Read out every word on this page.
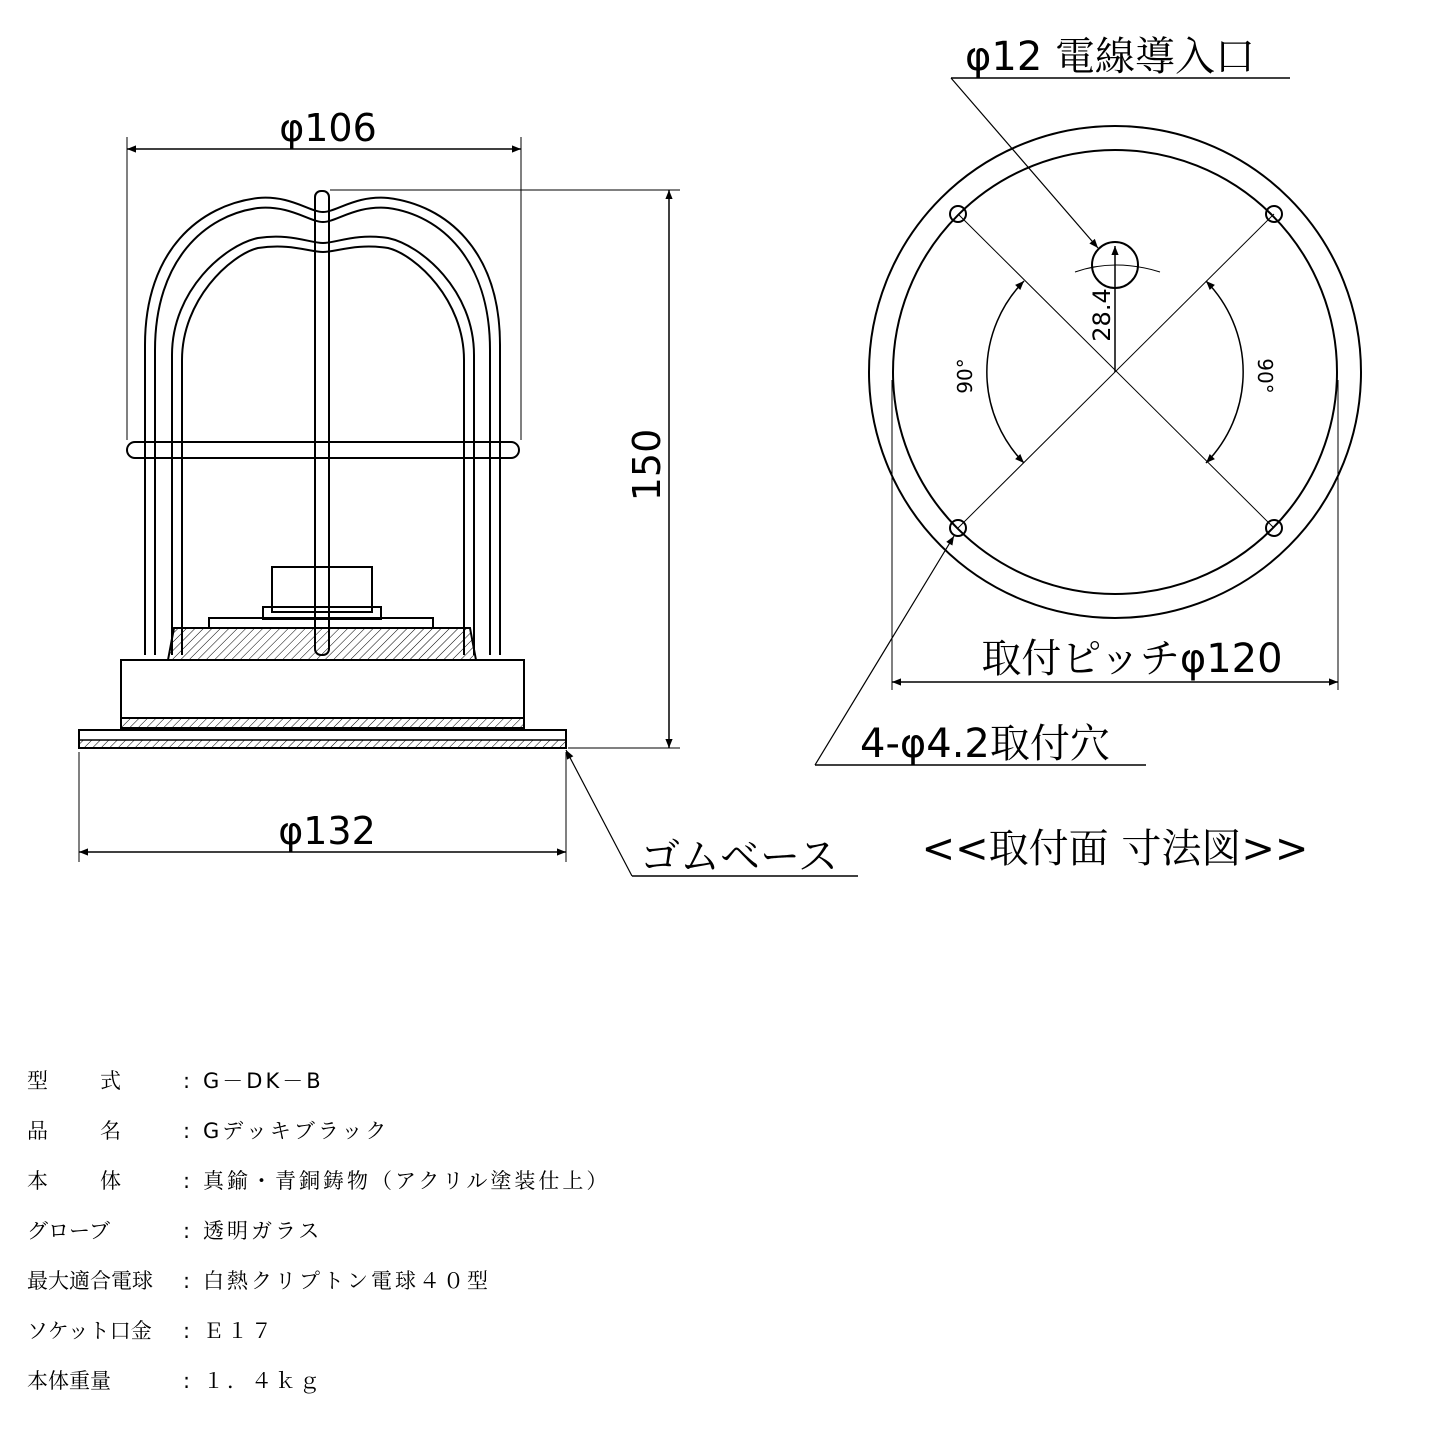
φ106
150
φ132
ゴムベース
28.4
φ12 電線導入口
90°	90°
取付ピッチφ120
4-φ4.2取付穴
<<取付面 寸法図>>
型式 : G－DK－B
品名 : Gデッキブラック
本体 : 真鍮・青銅鋳物（アクリル塗装仕上）
グローブ	: 透明ガラス
最大適合電球 : 白熱クリプトン電球４０型
ソケット口金 : Ｅ１７
本体重量	: １．４ｋｇ
